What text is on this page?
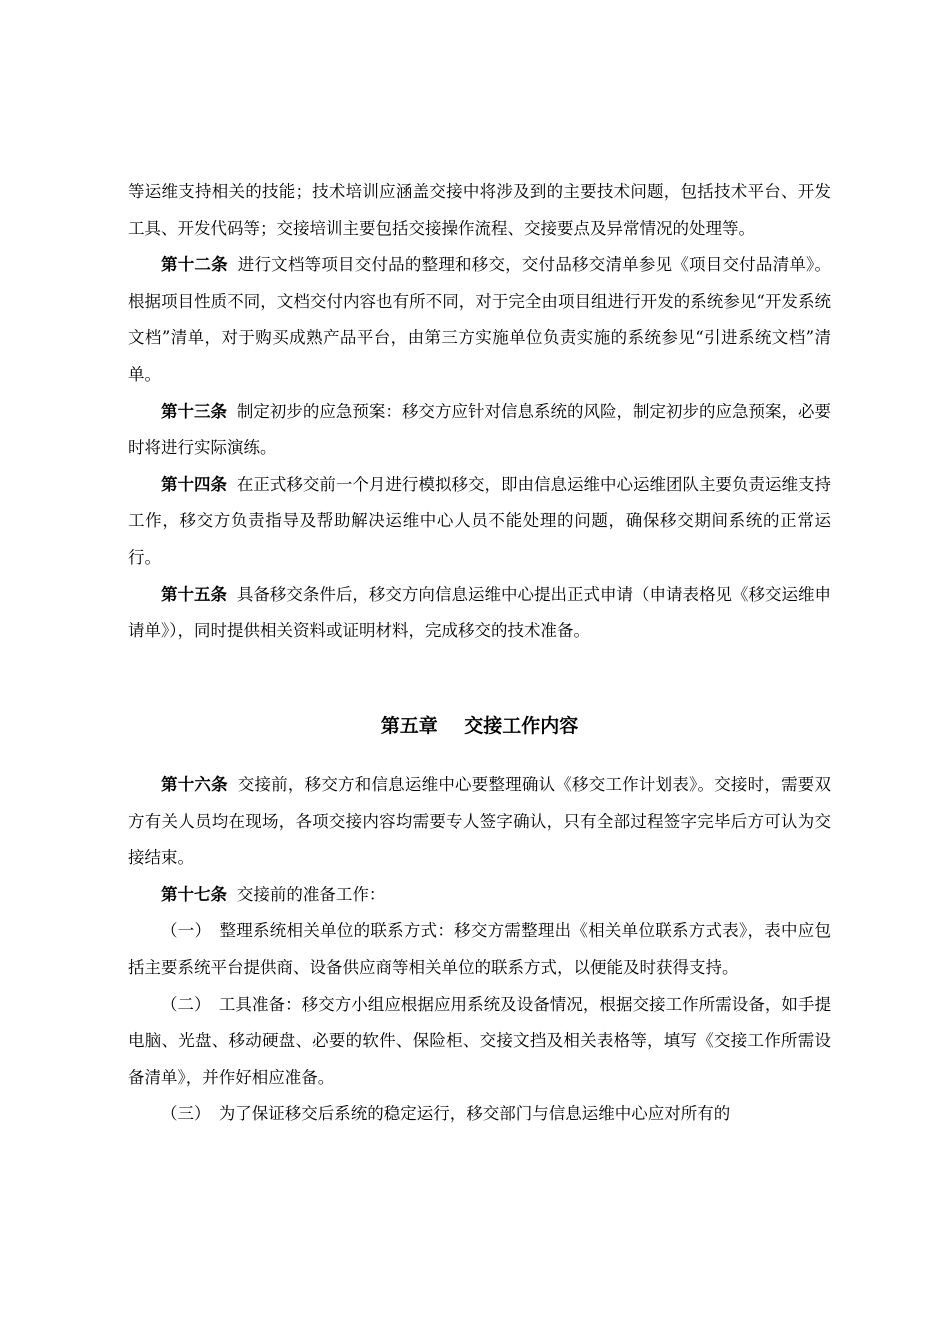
等运维支持相关的技能；技术培训应涵盖交接中将涉及到的主要技术问题，包括技术平台、开发工具、开发代码等；交接培训主要包括交接操作流程、交接要点及异常情况的处理等。

第十二条 进行文档等项目交付品的整理和移交，交付品移交清单参见《项目交付品清单》。根据项目性质不同，文档交付内容也有所不同，对于完全由项目组进行开发的系统参见“开发系统文档”清单，对于购买成熟产品平台，由第三方实施单位负责实施的系统参见“引进系统文档”清单。

第十三条 制定初步的应急预案：移交方应针对信息系统的风险，制定初步的应急预案，必要时将进行实际演练。

第十四条 在正式移交前一个月进行模拟移交，即由信息运维中心运维团队主要负责运维支持工作，移交方负责指导及帮助解决运维中心人员不能处理的问题，确保移交期间系统的正常运行。

第十五条 具备移交条件后，移交方向信息运维中心提出正式申请（申请表格见《移交运维申请单》），同时提供相关资料或证明材料，完成移交的技术准备。

第五章 交接工作内容

第十六条 交接前，移交方和信息运维中心要整理确认《移交工作计划表》。交接时，需要双方有关人员均在现场，各项交接内容均需要专人签字确认，只有全部过程签字完毕后方可认为交接结束。

第十七条 交接前的准备工作：

（一） 整理系统相关单位的联系方式：移交方需整理出《相关单位联系方式表》，表中应包括主要系统平台提供商、设备供应商等相关单位的联系方式，以便能及时获得支持。

（二） 工具准备：移交方小组应根据应用系统及设备情况，根据交接工作所需设备，如手提电脑、光盘、移动硬盘、必要的软件、保险柜、交接文挡及相关表格等，填写《交接工作所需设备清单》，并作好相应准备。

（三） 为了保证移交后系统的稳定运行，移交部门与信息运维中心应对所有的
